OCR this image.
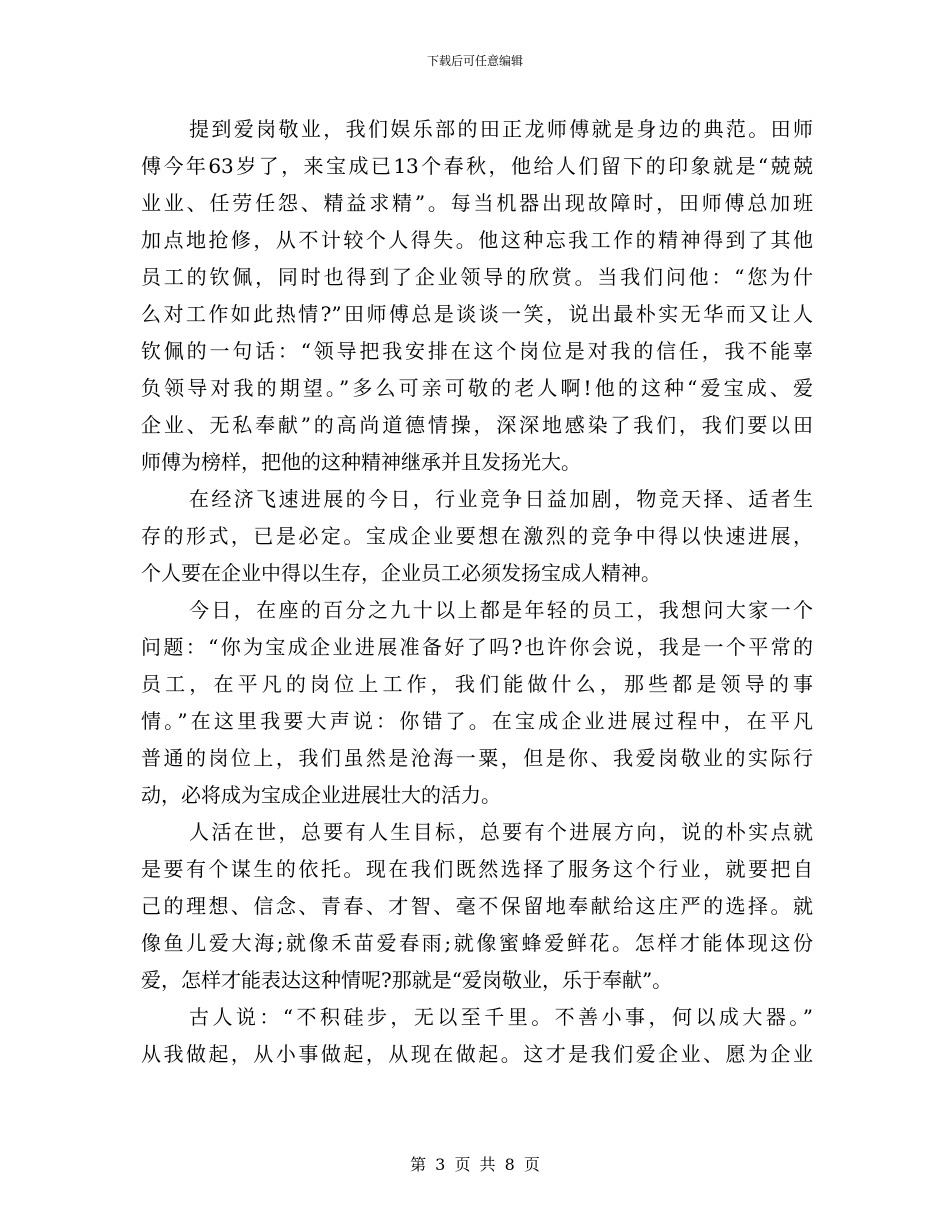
下载后可任意编辑
提到爱岗敬业，我们娱乐部的田正龙师傅就是身边的典范。田师
傅今年63岁了，来宝成已13个春秋，他给人们留下的印象就是“兢兢
业业、任劳任怨、精益求精”。每当机器出现故障时，田师傅总加班
加点地抢修，从不计较个人得失。他这种忘我工作的精神得到了其他
员工的钦佩，同时也得到了企业领导的欣赏。当我们问他：“您为什
么对工作如此热情?”田师傅总是谈谈一笑，说出最朴实无华而又让人
钦佩的一句话：“领导把我安排在这个岗位是对我的信任，我不能辜
负领导对我的期望。”多么可亲可敬的老人啊!他的这种“爱宝成、爱
企业、无私奉献”的高尚道德情操，深深地感染了我们，我们要以田
师傅为榜样，把他的这种精神继承并且发扬光大。
在经济飞速进展的今日，行业竞争日益加剧，物竞天择、适者生
存的形式，已是必定。宝成企业要想在激烈的竞争中得以快速进展，
个人要在企业中得以生存，企业员工必须发扬宝成人精神。
今日，在座的百分之九十以上都是年轻的员工，我想问大家一个
问题：“你为宝成企业进展准备好了吗?也许你会说，我是一个平常的
员工，在平凡的岗位上工作，我们能做什么，那些都是领导的事
情。”在这里我要大声说：你错了。在宝成企业进展过程中，在平凡
普通的岗位上，我们虽然是沧海一粟，但是你、我爱岗敬业的实际行
动，必将成为宝成企业进展壮大的活力。
人活在世，总要有人生目标，总要有个进展方向，说的朴实点就
是要有个谋生的依托。现在我们既然选择了服务这个行业，就要把自
己的理想、信念、青春、才智、毫不保留地奉献给这庄严的选择。就
像鱼儿爱大海;就像禾苗爱春雨;就像蜜蜂爱鲜花。怎样才能体现这份
爱，怎样才能表达这种情呢?那就是“爱岗敬业，乐于奉献”。
古人说：“不积硅步，无以至千里。不善小事，何以成大器。”
从我做起，从小事做起，从现在做起。这才是我们爱企业、愿为企业
第 3 页 共 8 页
